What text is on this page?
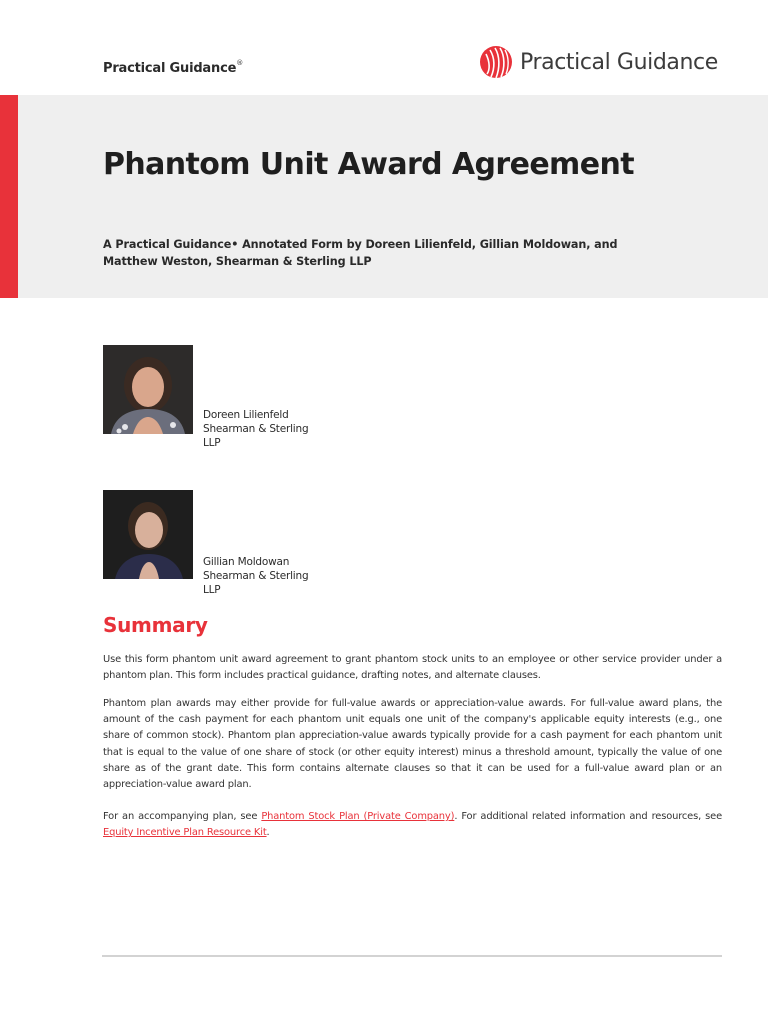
Practical Guidance®	Practical Guidance
Phantom Unit Award Agreement

A Practical Guidance• Annotated Form by Doreen Lilienfeld, Gillian Moldowan, and Matthew Weston, Shearman & Sterling LLP

Doreen Lilienfeld
Shearman & Sterling
LLP
Gillian Moldowan
Shearman & Sterling
LLP
Summary

Use this form phantom unit award agreement to grant phantom stock units to an employee or other service provider under a phantom plan. This form includes practical guidance, drafting notes, and alternate clauses.

Phantom plan awards may either provide for full-value awards or appreciation-value awards. For full-value award plans, the amount of the cash payment for each phantom unit equals one unit of the company's applicable equity interests (e.g., one share of common stock). Phantom plan appreciation-value awards typically provide for a cash payment for each phantom unit that is equal to the value of one share of stock (or other equity interest) minus a threshold amount, typically the value of one share as of the grant date. This form contains alternate clauses so that it can be used for a full-value award plan or an appreciation-value award plan.

For an accompanying plan, see Phantom Stock Plan (Private Company). For additional related information and resources, see Equity Incentive Plan Resource Kit.
